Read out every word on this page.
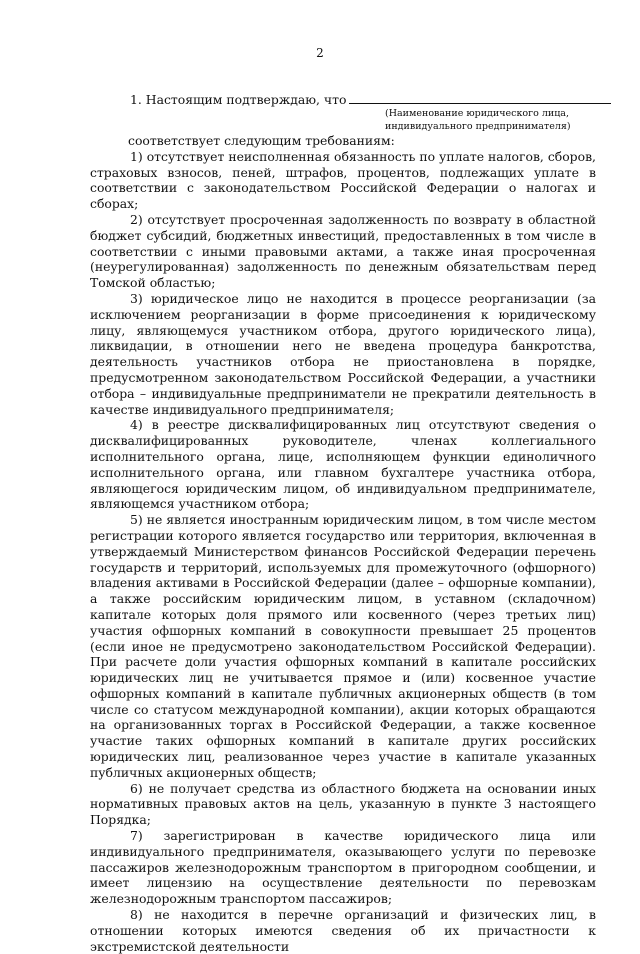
2
1. Настоящим подтверждаю, что
(Наименование юридического лица,
индивидуального предпринимателя)

соответствует следующим требованиям:

1) отсутствует неисполненная обязанность по уплате налогов, сборов, страховых взносов, пеней, штрафов, процентов, подлежащих уплате в соответствии с законодательством Российской Федерации о налогах и сборах;

2) отсутствует просроченная задолженность по возврату в областной бюджет субсидий, бюджетных инвестиций, предоставленных в том числе в соответствии с иными правовыми актами, а также иная просроченная (неурегулированная) задолженность по денежным обязательствам перед Томской областью;

3) юридическое лицо не находится в процессе реорганизации (за исключением реорганизации в форме присоединения к юридическому лицу, являющемуся участником отбора, другого юридического лица), ликвидации, в отношении него не введена процедура банкротства, деятельность участников отбора не приостановлена в порядке, предусмотренном законодательством Российской Федерации, а участники отбора – индивидуальные предприниматели не прекратили деятельность в качестве индивидуального предпринимателя;

4) в реестре дисквалифицированных лиц отсутствуют сведения о дисквалифицированных руководителе, членах коллегиального исполнительного органа, лице, исполняющем функции единоличного исполнительного органа, или главном бухгалтере участника отбора, являющегося юридическим лицом, об индивидуальном предпринимателе, являющемся участником отбора;

5) не является иностранным юридическим лицом, в том числе местом регистрации которого является государство или территория, включенная в утверждаемый Министерством финансов Российской Федерации перечень государств и территорий, используемых для промежуточного (офшорного) владения активами в Российской Федерации (далее – офшорные компании), а также российским юридическим лицом, в уставном (складочном) капитале которых доля прямого или косвенного (через третьих лиц) участия офшорных компаний в совокупности превышает 25 процентов (если иное не предусмотрено законодательством Российской Федерации). При расчете доли участия офшорных компаний в капитале российских юридических лиц не учитывается прямое и (или) косвенное участие офшорных компаний в капитале публичных акционерных обществ (в том числе со статусом международной компании), акции которых обращаются на организованных торгах в Российской Федерации, а также косвенное участие таких офшорных компаний в капитале других российских юридических лиц, реализованное через участие в капитале указанных публичных акционерных обществ;

6) не получает средства из областного бюджета на основании иных нормативных правовых актов на цель, указанную в пункте 3 настоящего Порядка;

7) зарегистрирован в качестве юридического лица или индивидуального предпринимателя, оказывающего услуги по перевозке пассажиров железнодорожным транспортом в пригородном сообщении, и имеет лицензию на осуществление деятельности по перевозкам железнодорожным транспортом пассажиров;

8) не находится в перечне организаций и физических лиц, в отношении которых имеются сведения об их причастности к экстремистской деятельности
